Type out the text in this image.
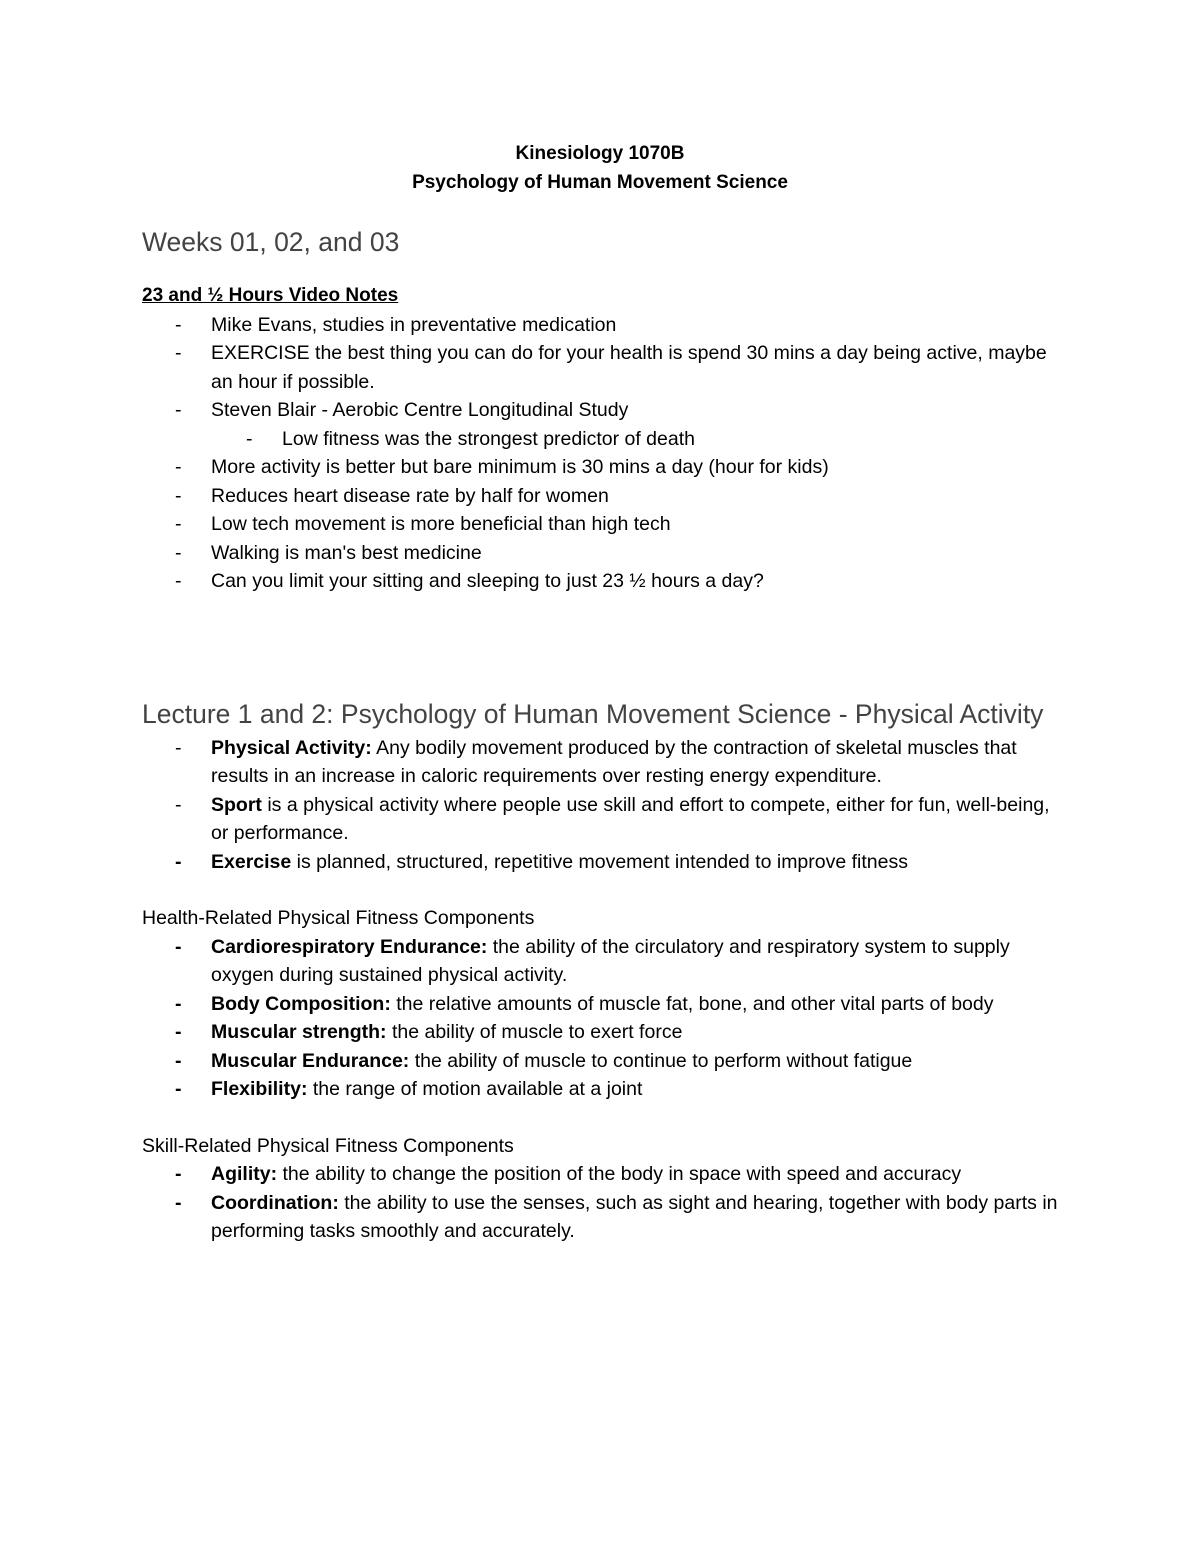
Kinesiology 1070B
Psychology of Human Movement Science
Weeks 01, 02, and 03
23 and ½ Hours Video Notes
- Mike Evans, studies in preventative medication
- EXERCISE the best thing you can do for your health is spend 30 mins a day being active, maybe an hour if possible.
- Steven Blair - Aerobic Centre Longitudinal Study
- Low fitness was the strongest predictor of death
- More activity is better but bare minimum is 30 mins a day (hour for kids)
- Reduces heart disease rate by half for women
- Low tech movement is more beneficial than high tech
- Walking is man's best medicine
- Can you limit your sitting and sleeping to just 23 ½ hours a day?
Lecture 1 and 2: Psychology of Human Movement Science - Physical Activity
- Physical Activity: Any bodily movement produced by the contraction of skeletal muscles that results in an increase in caloric requirements over resting energy expenditure.
- Sport is a physical activity where people use skill and effort to compete, either for fun, well-being, or performance.
- Exercise is planned, structured, repetitive movement intended to improve fitness
Health-Related Physical Fitness Components
- Cardiorespiratory Endurance: the ability of the circulatory and respiratory system to supply oxygen during sustained physical activity.
- Body Composition: the relative amounts of muscle fat, bone, and other vital parts of body
- Muscular strength: the ability of muscle to exert force
- Muscular Endurance: the ability of muscle to continue to perform without fatigue
- Flexibility: the range of motion available at a joint
Skill-Related Physical Fitness Components
- Agility: the ability to change the position of the body in space with speed and accuracy
- Coordination: the ability to use the senses, such as sight and hearing, together with body parts in performing tasks smoothly and accurately.
